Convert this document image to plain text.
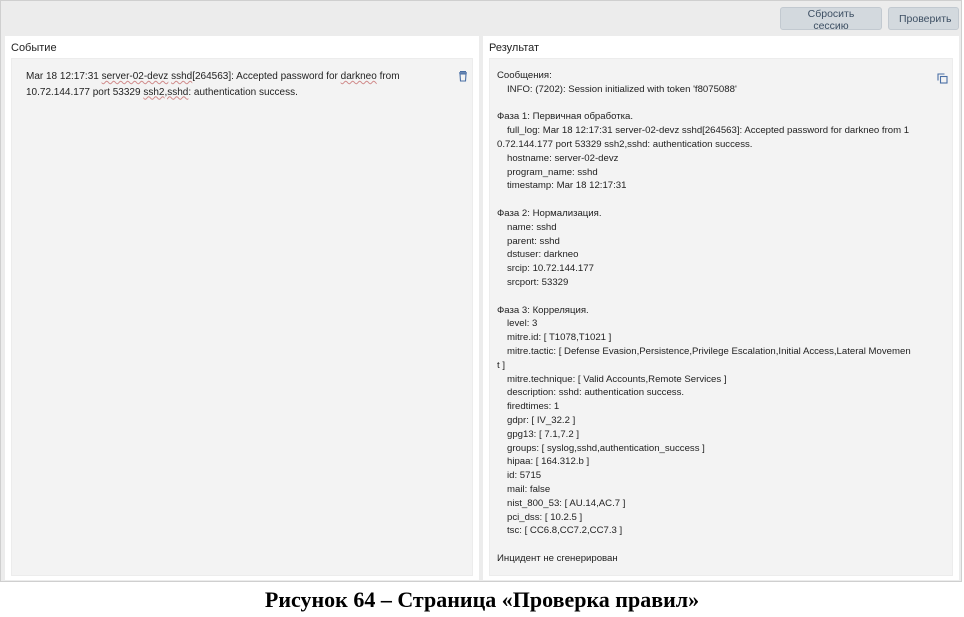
Сбросить сессию
Проверить
Событие
Mar 18 12:17:31 server-02-devz sshd[264563]: Accepted password for darkneo from 10.72.144.177 port 53329 ssh2,sshd: authentication success.
Результат
Сообщения:
INFO: (7202): Session initialized with token 'f8075088'
Фаза 1: Первичная обработка.
full_log: Mar 18 12:17:31 server-02-devz sshd[264563]: Accepted password for darkneo from 1
0.72.144.177 port 53329 ssh2,sshd: authentication success.
hostname: server-02-devz
program_name: sshd
timestamp: Mar 18 12:17:31
Фаза 2: Нормализация.
name: sshd
parent: sshd
dstuser: darkneo
srcip: 10.72.144.177
srcport: 53329
Фаза 3: Корреляция.
level: 3
mitre.id: [ T1078,T1021 ]
mitre.tactic: [ Defense Evasion,Persistence,Privilege Escalation,Initial Access,Lateral Movemen
t ]
mitre.technique: [ Valid Accounts,Remote Services ]
description: sshd: authentication success.
firedtimes: 1
gdpr: [ IV_32.2 ]
gpg13: [ 7.1,7.2 ]
groups: [ syslog,sshd,authentication_success ]
hipaa: [ 164.312.b ]
id: 5715
mail: false
nist_800_53: [ AU.14,AC.7 ]
pci_dss: [ 10.2.5 ]
tsc: [ CC6.8,CC7.2,CC7.3 ]
Инцидент не сгенерирован
Рисунок 64 – Страница «Проверка правил»
